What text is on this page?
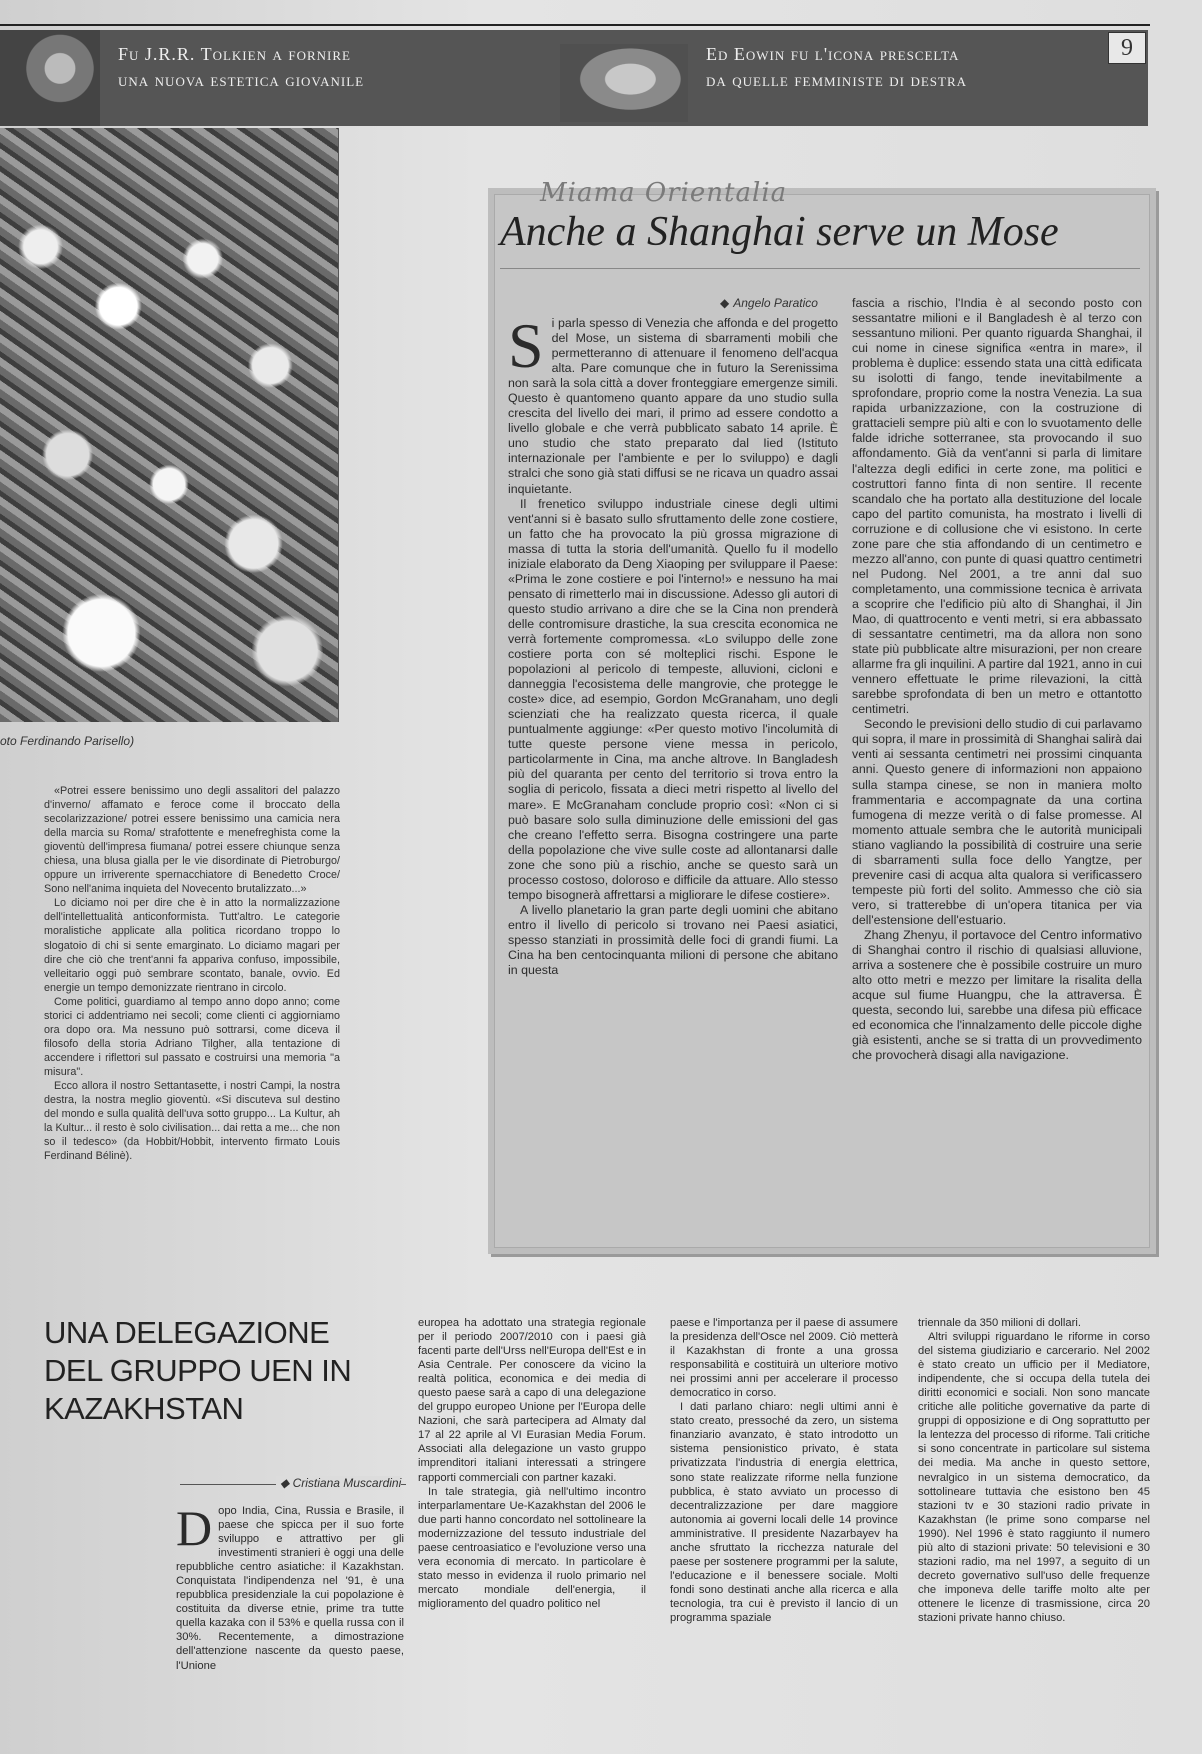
Fu J.R.R. Tolkien a fornire
una nuova estetica giovanile
Ed Eowin fu l'icona prescelta
da quelle femministe di destra
9
oto Ferdinando Parisello)

«Potrei essere benissimo uno degli assalitori del palazzo d'inverno/ affamato e feroce come il broccato della secolarizzazione/ potrei essere benissimo una camicia nera della marcia su Roma/ strafottente e menefreghista come la gioventù dell'impresa fiumana/ potrei essere chiunque senza chiesa, una blusa gialla per le vie disordinate di Pietroburgo/ oppure un irriverente spernacchiatore di Benedetto Croce/ Sono nell'anima inquieta del Novecento brutalizzato...»

Lo diciamo noi per dire che è in atto la normalizzazione dell'intellettualità anticonformista. Tutt'altro. Le categorie moralistiche applicate alla politica ricordano troppo lo slogatoio di chi si sente emarginato. Lo diciamo magari per dire che ciò che trent'anni fa appariva confuso, impossibile, velleitario oggi può sembrare scontato, banale, ovvio. Ed energie un tempo demonizzate rientrano in circolo.

Come politici, guardiamo al tempo anno dopo anno; come storici ci addentriamo nei secoli; come clienti ci aggiorniamo ora dopo ora. Ma nessuno può sottrarsi, come diceva il filosofo della storia Adriano Tilgher, alla tentazione di accendere i riflettori sul passato e costruirsi una memoria "a misura".

Ecco allora il nostro Settantasette, i nostri Campi, la nostra destra, la nostra meglio gioventù. «Si discuteva sul destino del mondo e sulla qualità dell'uva sotto gruppo... La Kultur, ah la Kultur... il resto è solo civilisation... dai retta a me... che non so il tedesco» (da Hobbit/Hobbit, intervento firmato Louis Ferdinand Bélinè).

Miama Orientalia
Anche a Shanghai serve un Mose
◆ Angelo Paratico

Si parla spesso di Venezia che affonda e del progetto del Mose, un sistema di sbarramenti mobili che permetteranno di attenuare il fenomeno dell'acqua alta. Pare comunque che in futuro la Serenissima non sarà la sola città a dover fronteggiare emergenze simili. Questo è quantomeno quanto appare da uno studio sulla crescita del livello dei mari, il primo ad essere condotto a livello globale e che verrà pubblicato sabato 14 aprile. È uno studio che stato preparato dal Iied (Istituto internazionale per l'ambiente e per lo sviluppo) e dagli stralci che sono già stati diffusi se ne ricava un quadro assai inquietante.

Il frenetico sviluppo industriale cinese degli ultimi vent'anni si è basato sullo sfruttamento delle zone costiere, un fatto che ha provocato la più grossa migrazione di massa di tutta la storia dell'umanità. Quello fu il modello iniziale elaborato da Deng Xiaoping per sviluppare il Paese: «Prima le zone costiere e poi l'interno!» e nessuno ha mai pensato di rimetterlo mai in discussione. Adesso gli autori di questo studio arrivano a dire che se la Cina non prenderà delle contromisure drastiche, la sua crescita economica ne verrà fortemente compromessa. «Lo sviluppo delle zone costiere porta con sé molteplici rischi. Espone le popolazioni al pericolo di tempeste, alluvioni, cicloni e danneggia l'ecosistema delle mangrovie, che protegge le coste» dice, ad esempio, Gordon McGranaham, uno degli scienziati che ha realizzato questa ricerca, il quale puntualmente aggiunge: «Per questo motivo l'incolumità di tutte queste persone viene messa in pericolo, particolarmente in Cina, ma anche altrove. In Bangladesh più del quaranta per cento del territorio si trova entro la soglia di pericolo, fissata a dieci metri rispetto al livello del mare». E McGranaham conclude proprio così: «Non ci si può basare solo sulla diminuzione delle emissioni del gas che creano l'effetto serra. Bisogna costringere una parte della popolazione che vive sulle coste ad allontanarsi dalle zone che sono più a rischio, anche se questo sarà un processo costoso, doloroso e difficile da attuare. Allo stesso tempo bisognerà affrettarsi a migliorare le difese costiere».

A livello planetario la gran parte degli uomini che abitano entro il livello di pericolo si trovano nei Paesi asiatici, spesso stanziati in prossimità delle foci di grandi fiumi. La Cina ha ben centocinquanta milioni di persone che abitano in questa

fascia a rischio, l'India è al secondo posto con sessantatre milioni e il Bangladesh è al terzo con sessantuno milioni. Per quanto riguarda Shanghai, il cui nome in cinese significa «entra in mare», il problema è duplice: essendo stata una città edificata su isolotti di fango, tende inevitabilmente a sprofondare, proprio come la nostra Venezia. La sua rapida urbanizzazione, con la costruzione di grattacieli sempre più alti e con lo svuotamento delle falde idriche sotterranee, sta provocando il suo affondamento. Già da vent'anni si parla di limitare l'altezza degli edifici in certe zone, ma politici e costruttori fanno finta di non sentire. Il recente scandalo che ha portato alla destituzione del locale capo del partito comunista, ha mostrato i livelli di corruzione e di collusione che vi esistono. In certe zone pare che stia affondando di un centimetro e mezzo all'anno, con punte di quasi quattro centimetri nel Pudong. Nel 2001, a tre anni dal suo completamento, una commissione tecnica è arrivata a scoprire che l'edificio più alto di Shanghai, il Jin Mao, di quattrocento e venti metri, si era abbassato di sessantatre centimetri, ma da allora non sono state più pubblicate altre misurazioni, per non creare allarme fra gli inquilini. A partire dal 1921, anno in cui vennero effettuate le prime rilevazioni, la città sarebbe sprofondata di ben un metro e ottantotto centimetri.

Secondo le previsioni dello studio di cui parlavamo qui sopra, il mare in prossimità di Shanghai salirà dai venti ai sessanta centimetri nei prossimi cinquanta anni. Questo genere di informazioni non appaiono sulla stampa cinese, se non in maniera molto frammentaria e accompagnate da una cortina fumogena di mezze verità o di false promesse. Al momento attuale sembra che le autorità municipali stiano vagliando la possibilità di costruire una serie di sbarramenti sulla foce dello Yangtze, per prevenire casi di acqua alta qualora si verificassero tempeste più forti del solito. Ammesso che ciò sia vero, si tratterebbe di un'opera titanica per via dell'estensione dell'estuario.

Zhang Zhenyu, il portavoce del Centro informativo di Shanghai contro il rischio di qualsiasi alluvione, arriva a sostenere che è possibile costruire un muro alto otto metri e mezzo per limitare la risalita della acque sul fiume Huangpu, che la attraversa. È questa, secondo lui, sarebbe una difesa più efficace ed economica che l'innalzamento delle piccole dighe già esistenti, anche se si tratta di un provvedimento che provocherà disagi alla navigazione.

UNA DELEGAZIONE DEL GRUPPO UEN IN KAZAKHSTAN
◆ Cristiana Muscardini

Dopo India, Cina, Russia e Brasile, il paese che spicca per il suo forte sviluppo e attrattivo per gli investimenti stranieri è oggi una delle repubbliche centro asiatiche: il Kazakhstan. Conquistata l'indipendenza nel '91, è una repubblica presidenziale la cui popolazione è costituita da diverse etnie, prime tra tutte quella kazaka con il 53% e quella russa con il 30%. Recentemente, a dimostrazione dell'attenzione nascente da questo paese, l'Unione

europea ha adottato una strategia regionale per il periodo 2007/2010 con i paesi già facenti parte dell'Urss nell'Europa dell'Est e in Asia Centrale. Per conoscere da vicino la realtà politica, economica e dei media di questo paese sarà a capo di una delegazione del gruppo europeo Unione per l'Europa delle Nazioni, che sarà partecipera ad Almaty dal 17 al 22 aprile al VI Eurasian Media Forum. Associati alla delegazione un vasto gruppo imprenditori italiani interessati a stringere rapporti commerciali con partner kazaki.

In tale strategia, già nell'ultimo incontro interparlamentare Ue-Kazakhstan del 2006 le due parti hanno concordato nel sottolineare la modernizzazione del tessuto industriale del paese centroasiatico e l'evoluzione verso una vera economia di mercato. In particolare è stato messo in evidenza il ruolo primario nel mercato mondiale dell'energia, il miglioramento del quadro politico nel

paese e l'importanza per il paese di assumere la presidenza dell'Osce nel 2009. Ciò metterà il Kazakhstan di fronte a una grossa responsabilità e costituirà un ulteriore motivo nei prossimi anni per accelerare il processo democratico in corso.

I dati parlano chiaro: negli ultimi anni è stato creato, pressoché da zero, un sistema finanziario avanzato, è stato introdotto un sistema pensionistico privato, è stata privatizzata l'industria di energia elettrica, sono state realizzate riforme nella funzione pubblica, è stato avviato un processo di decentralizzazione per dare maggiore autonomia ai governi locali delle 14 province amministrative. Il presidente Nazarbayev ha anche sfruttato la ricchezza naturale del paese per sostenere programmi per la salute, l'educazione e il benessere sociale. Molti fondi sono destinati anche alla ricerca e alla tecnologia, tra cui è previsto il lancio di un programma spaziale

triennale da 350 milioni di dollari.

Altri sviluppi riguardano le riforme in corso del sistema giudiziario e carcerario. Nel 2002 è stato creato un ufficio per il Mediatore, indipendente, che si occupa della tutela dei diritti economici e sociali. Non sono mancate critiche alle politiche governative da parte di gruppi di opposizione e di Ong soprattutto per la lentezza del processo di riforme. Tali critiche si sono concentrate in particolare sul sistema dei media. Ma anche in questo settore, nevralgico in un sistema democratico, da sottolineare tuttavia che esistono ben 45 stazioni tv e 30 stazioni radio private in Kazakhstan (le prime sono comparse nel 1990). Nel 1996 è stato raggiunto il numero più alto di stazioni private: 50 televisioni e 30 stazioni radio, ma nel 1997, a seguito di un decreto governativo sull'uso delle frequenze che imponeva delle tariffe molto alte per ottenere le licenze di trasmissione, circa 20 stazioni private hanno chiuso.
